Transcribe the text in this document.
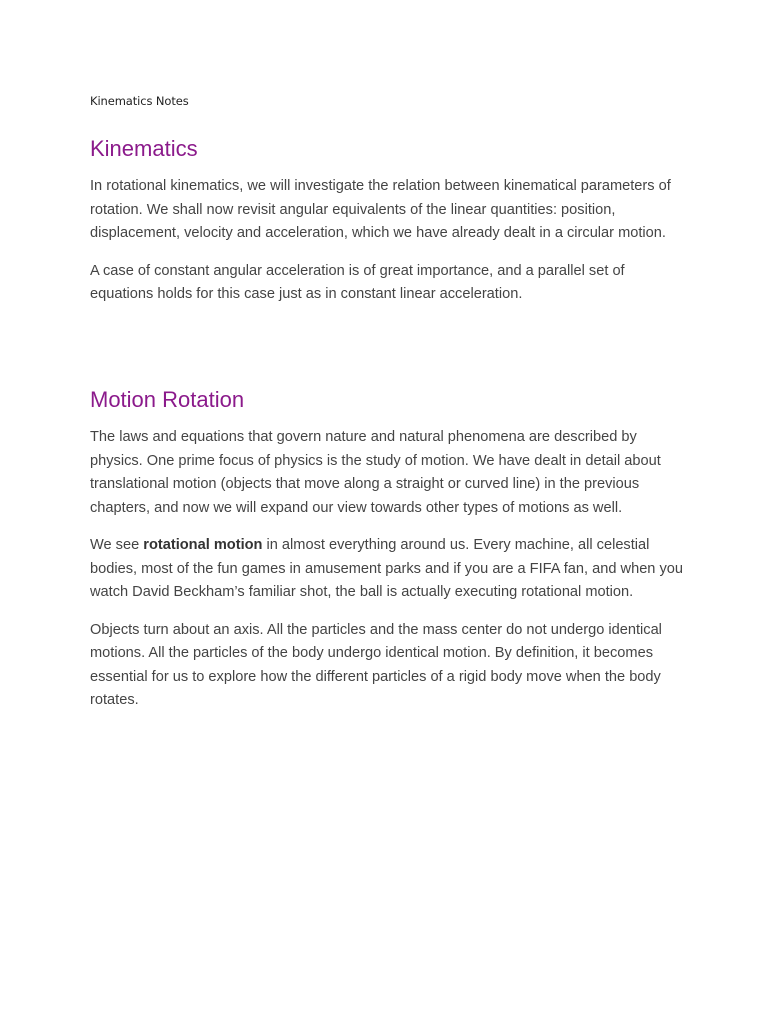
Kinematics Notes
Kinematics

In rotational kinematics, we will investigate the relation between kinematical parameters of rotation. We shall now revisit angular equivalents of the linear quantities: position, displacement, velocity and acceleration, which we have already dealt in a circular motion.

A case of constant angular acceleration is of great importance, and a parallel set of equations holds for this case just as in constant linear acceleration.

Motion Rotation

The laws and equations that govern nature and natural phenomena are described by physics. One prime focus of physics is the study of motion. We have dealt in detail about translational motion (objects that move along a straight or curved line) in the previous chapters, and now we will expand our view towards other types of motions as well.

We see rotational motion in almost everything around us. Every machine, all celestial bodies, most of the fun games in amusement parks and if you are a FIFA fan, and when you watch David Beckham’s familiar shot, the ball is actually executing rotational motion.

Objects turn about an axis. All the particles and the mass center do not undergo identical motions. All the particles of the body undergo identical motion. By definition, it becomes essential for us to explore how the different particles of a rigid body move when the body rotates.
